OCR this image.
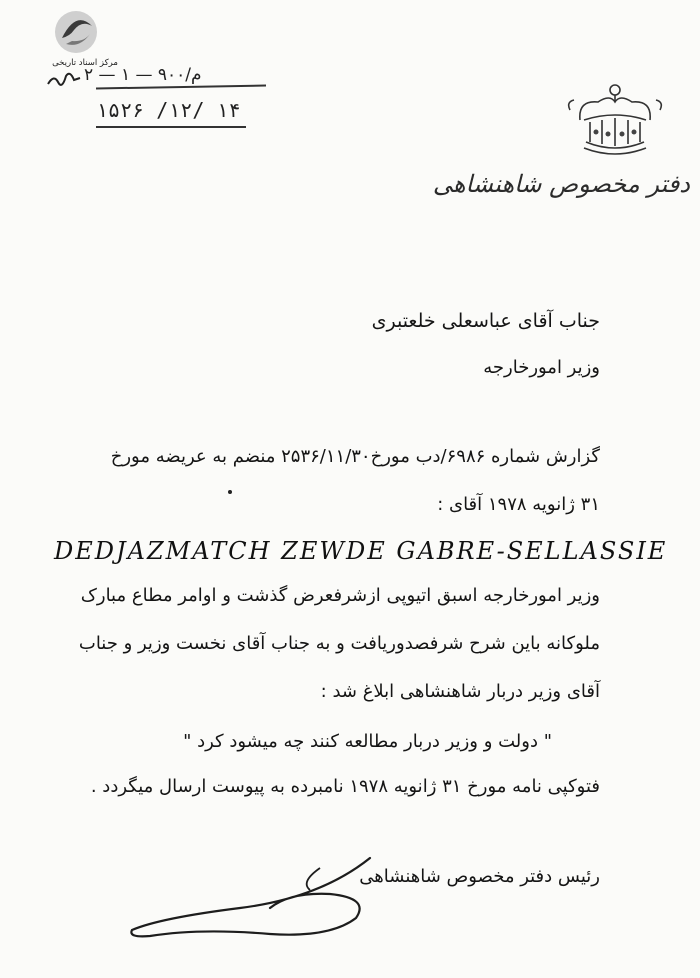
مرکز اسناد تاریخی
۲ — ۱ — ۹۰۰/م
۱۵۲۶ /۱۲/ ۱۴
دفتر مخصوص شاهنشاهی
جناب آقای عباسعلی خلعتبری
وزیر امورخارجه
گزارش شماره ۶۹۸۶/دب مورخ۲۵۳۶/۱۱/۳۰ منضم به عریضه مورخ
۳۱ ژانویه ۱۹۷۸ آقای :
DEDJAZMATCH ZEWDE GABRE-SELLASSIE
وزیر امورخارجه اسبق اتیوپی ازشرفعرض گذشت و اوامر مطاع مبارک
ملوکانه باین شرح شرفصدوریافت و به جناب آقای نخست وزیر و جناب
آقای وزیر دربار شاهنشاهی ابلاغ شد :
" دولت و وزیر دربار مطالعه کنند چه میشود کرد "
فتوکپی نامه مورخ ۳۱ ژانویه ۱۹۷۸ نامبرده به پیوست ارسال میگردد .
رئیس دفتر مخصوص شاهنشاهی
